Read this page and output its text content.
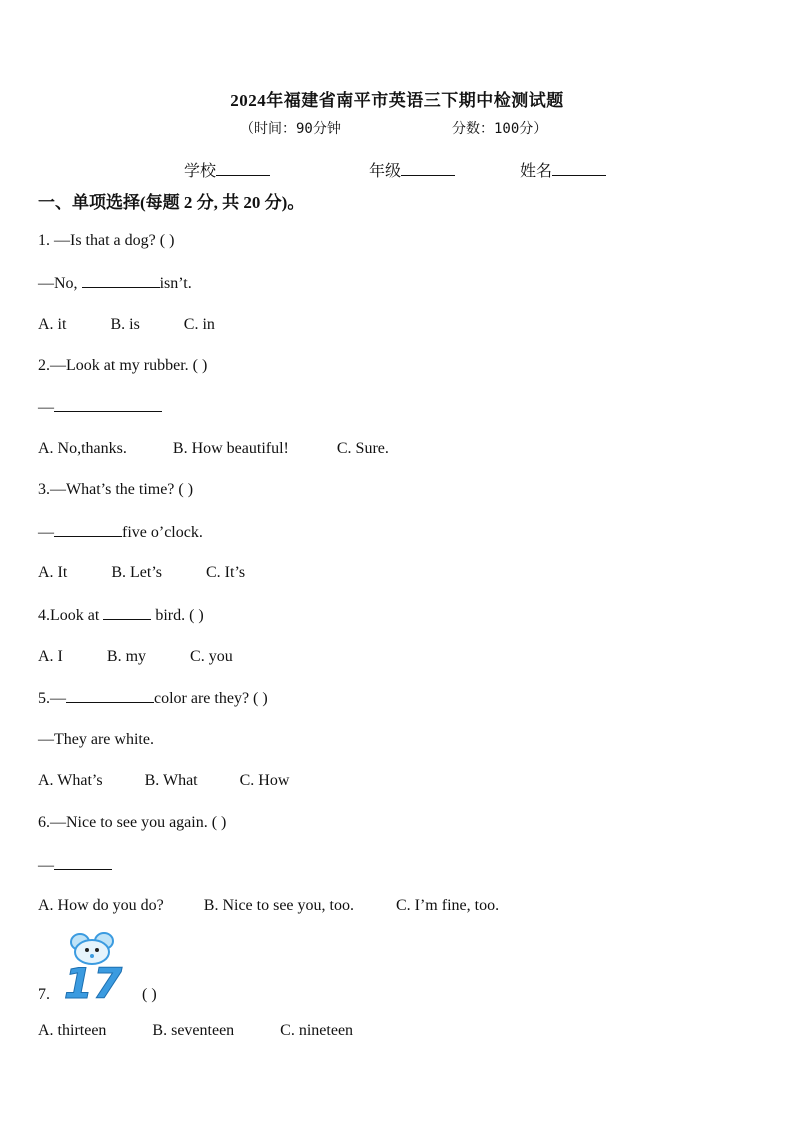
2024年福建省南平市英语三下期中检测试题
（时间：90分钟	分数：100分）
学校	年级	姓名
一、单项选择(每题 2 分, 共 20 分)。
1. —Is that a dog? ( )
—No,	isn’t.
A. it	B. is	C. in
2.—Look at my rubber. ( )
—
A. No,thanks.	B. How beautiful!	C. Sure.
3.—What’s the time? ( )
—	five o’clock.
A. It	B. Let’s	C. It’s
4.Look at	bird. ( )
A. I	B. my	C. you
5.—	color are they? ( )
—They are white.
A. What’s	B. What	C. How
6.—Nice to see you again. ( )
—
A. How do you do?	B. Nice to see you, too.	C. I’m fine, too.
17
7.	( )
A. thirteen	B. seventeen	C. nineteen
